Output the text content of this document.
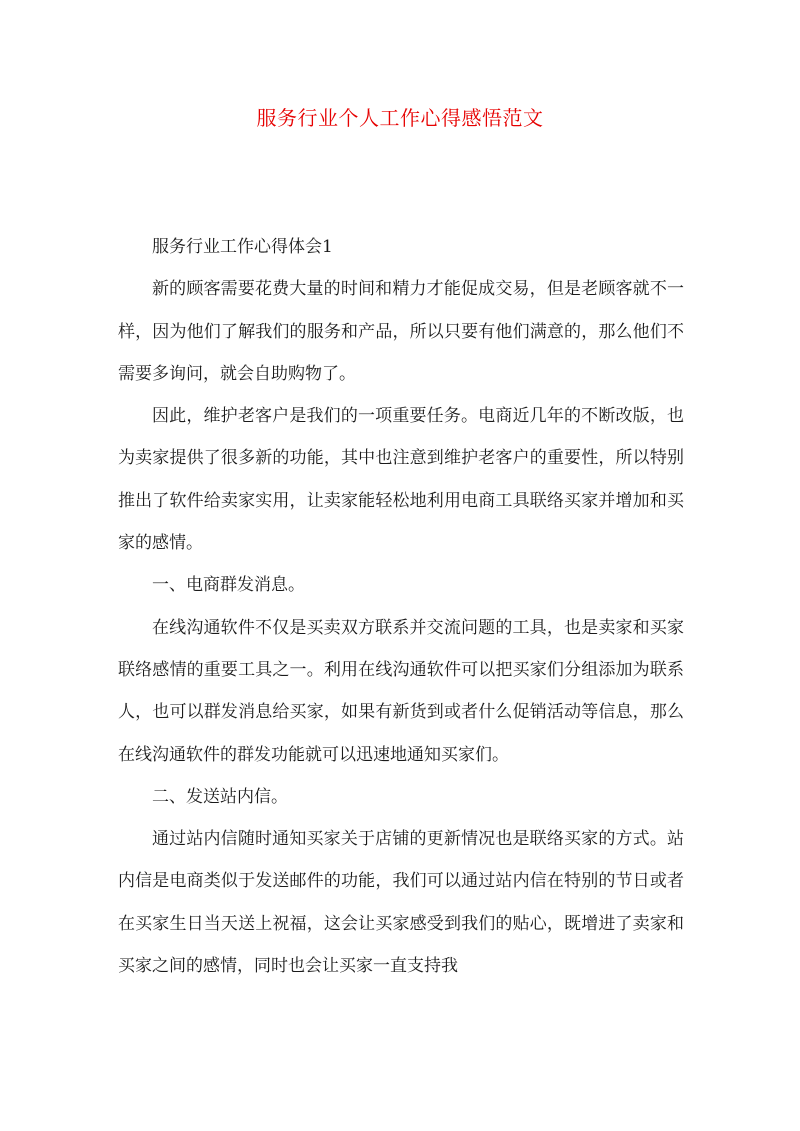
服务行业个人工作心得感悟范文

服务行业工作心得体会1

新的顾客需要花费大量的时间和精力才能促成交易，但是老顾客就不一样，因为他们了解我们的服务和产品，所以只要有他们满意的，那么他们不需要多询问，就会自助购物了。

因此，维护老客户是我们的一项重要任务。电商近几年的不断改版，也为卖家提供了很多新的功能，其中也注意到维护老客户的重要性，所以特别推出了软件给卖家实用，让卖家能轻松地利用电商工具联络买家并增加和买家的感情。

一、电商群发消息。

在线沟通软件不仅是买卖双方联系并交流问题的工具，也是卖家和买家联络感情的重要工具之一。利用在线沟通软件可以把买家们分组添加为联系人，也可以群发消息给买家，如果有新货到或者什么促销活动等信息，那么在线沟通软件的群发功能就可以迅速地通知买家们。

二、发送站内信。

通过站内信随时通知买家关于店铺的更新情况也是联络买家的方式。站内信是电商类似于发送邮件的功能，我们可以通过站内信在特别的节日或者在买家生日当天送上祝福，这会让买家感受到我们的贴心，既增进了卖家和买家之间的感情，同时也会让买家一直支持我
